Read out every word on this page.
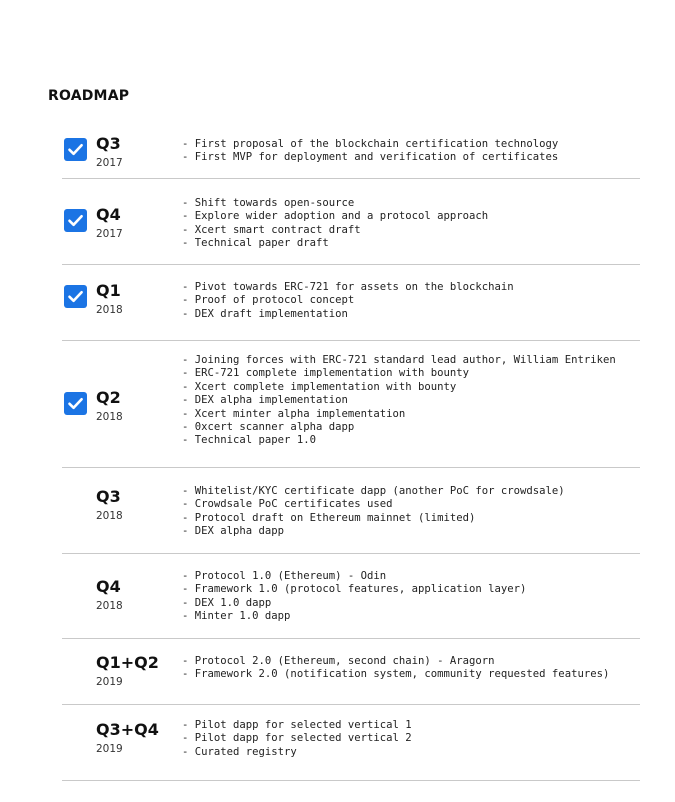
ROADMAP
Q3
2017
- First proposal of the blockchain certification technology
- First MVP for deployment and verification of certificates
Q4
2017
- Shift towards open-source
- Explore wider adoption and a protocol approach
- Xcert smart contract draft
- Technical paper draft
Q1
2018
- Pivot towards ERC-721 for assets on the blockchain
- Proof of protocol concept
- DEX draft implementation
Q2
2018
- Joining forces with ERC-721 standard lead author, William Entriken
- ERC-721 complete implementation with bounty
- Xcert complete implementation with bounty
- DEX alpha implementation
- Xcert minter alpha implementation
- 0xcert scanner alpha dapp
- Technical paper 1.0
Q3
2018
- Whitelist/KYC certificate dapp (another PoC for crowdsale)
- Crowdsale PoC certificates used
- Protocol draft on Ethereum mainnet (limited)
- DEX alpha dapp
Q4
2018
- Protocol 1.0 (Ethereum) - Odin
- Framework 1.0 (protocol features, application layer)
- DEX 1.0 dapp
- Minter 1.0 dapp
Q1+Q2
2019
- Protocol 2.0 (Ethereum, second chain) - Aragorn
- Framework 2.0 (notification system, community requested features)
Q3+Q4
2019
- Pilot dapp for selected vertical 1
- Pilot dapp for selected vertical 2
- Curated registry
